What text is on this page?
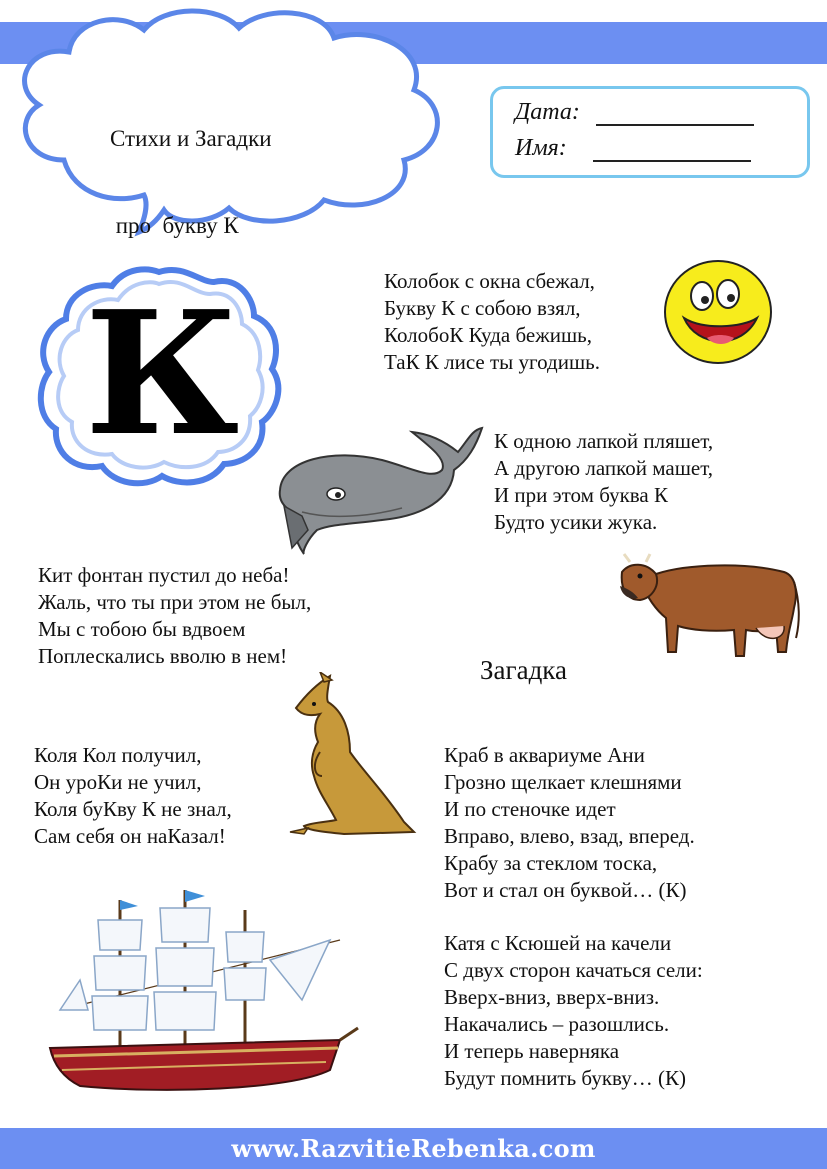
Стихи и Загадки

про  букву К

Дата:
Имя:
К	Колобок с окна сбежал,
Букву К с собою взял,
КолобоК Куда бежишь,
ТаК К лисе ты угодишь.
К одною лапкой пляшет,
А другою лапкой машет,
И при этом буква К
Будто усики жука.
Кит фонтан пустил до неба!
Жаль, что ты при этом не был,
Мы с тобою бы вдвоем
Поплескались вволю в нем!	Загадка
Коля Кол получил,
Он уроКи не учил,
Коля буКву К не знал,
Сам себя он наКазал!
Краб в аквариуме Ани
Грозно щелкает клешнями
И по стеночке идет
Вправо, влево, взад, вперед.
Крабу за стеклом тоска,
Вот и стал он буквой… (К)
Катя с Ксюшей на качели
С двух сторон качаться сели:
Вверх-вниз, вверх-вниз.
Накачались – разошлись.
И теперь наверняка
Будут помнить букву… (К)
www.RazvitieRebenka.com
